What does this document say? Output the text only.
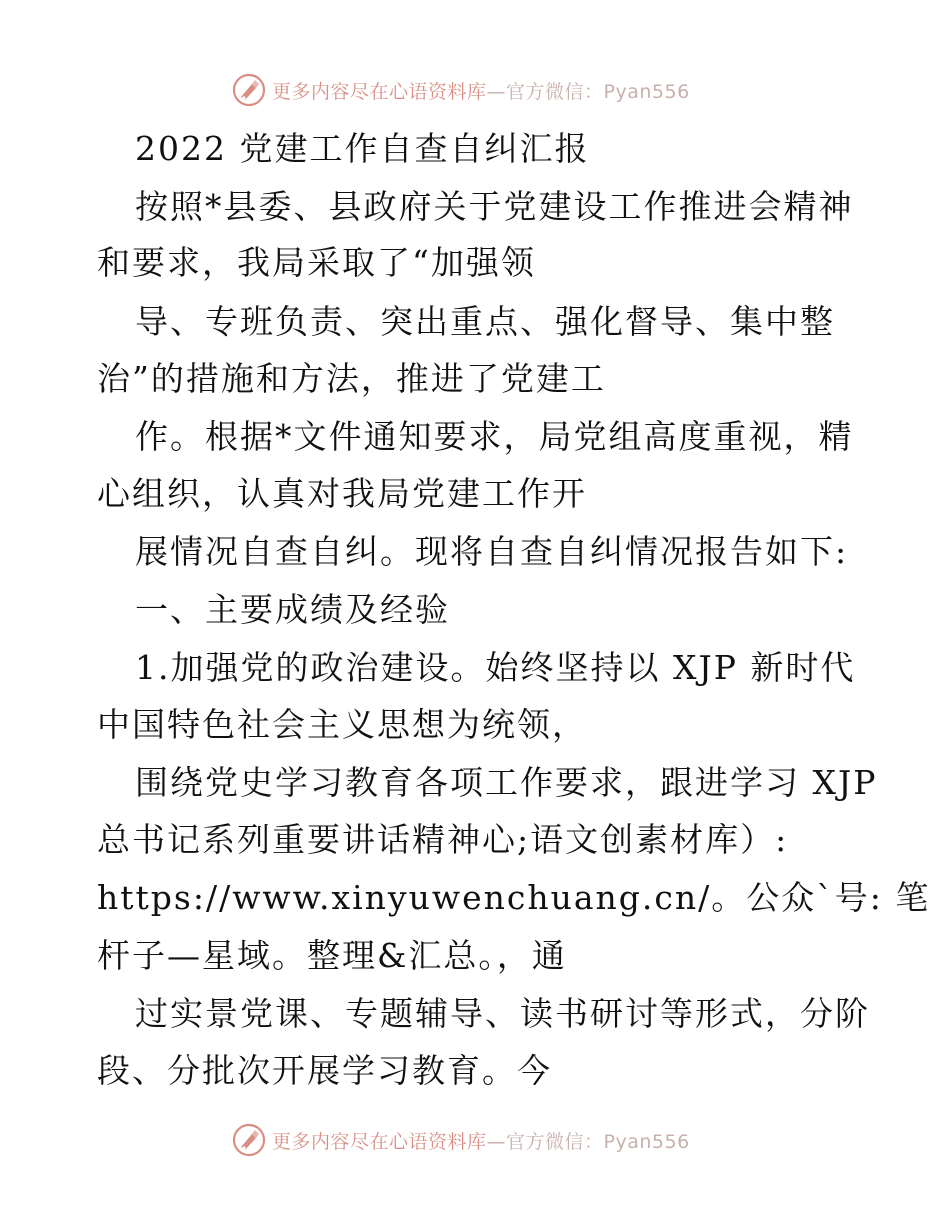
更多内容尽在心语资料库—官方微信：Pyan556
2022 党建工作自查自纠汇报
按照*县委、县政府关于党建设工作推进会精神
和要求，我局采取了“加强领
导、专班负责、突出重点、强化督导、集中整
治”的措施和方法，推进了党建工
作。根据*文件通知要求，局党组高度重视，精
心组织，认真对我局党建工作开
展情况自查自纠。现将自查自纠情况报告如下:
一、主要成绩及经验
1.加强党的政治建设。始终坚持以 XJP 新时代
中国特色社会主义思想为统领，
围绕党史学习教育各项工作要求，跟进学习 XJP
总书记系列重要讲话精神心;语文创素材库）:
https://www.xinyuwenchuang.cn/。公众`号: 笔
杆子—星域。整理&汇总。，通
过实景党课、专题辅导、读书研讨等形式，分阶
段、分批次开展学习教育。今
更多内容尽在心语资料库—官方微信：Pyan556
